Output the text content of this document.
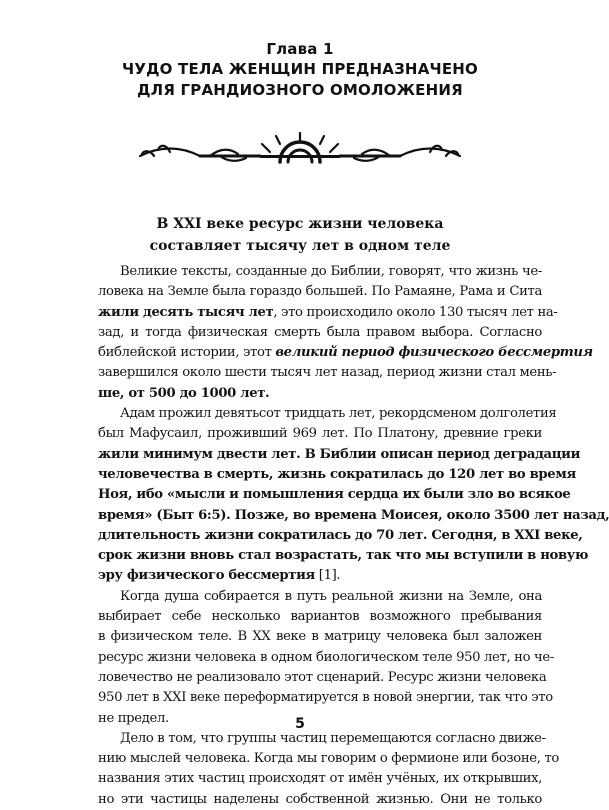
Глава 1
ЧУДО ТЕЛА ЖЕНЩИН ПРЕДНАЗНАЧЕНО
ДЛЯ ГРАНДИОЗНОГО ОМОЛОЖЕНИЯ
В XXI веке ресурс жизни человека
составляет тысячу лет в одном теле
Великие тексты, созданные до Библии, говорят, что жизнь че-
ловека на Земле была гораздо большей. По Рамаяне, Рама и Сита
жили десять тысяч лет, это происходило около 130 тысяч лет на-
зад, и тогда физическая смерть была правом выбора. Согласно
библейской истории, этот великий период физического бессмертия
завершился около шести тысяч лет назад, период жизни стал мень-
ше, от 500 до 1000 лет.
Адам прожил девятьсот тридцать лет, рекордсменом долголетия
был Мафусаил, проживший 969 лет. По Платону, древние греки
жили минимум двести лет. В Библии описан период деградации
человечества в смерть, жизнь сократилась до 120 лет во время
Ноя, ибо «мысли и помышления сердца их были зло во всякое
время» (Быт 6:5). Позже, во времена Моисея, около 3500 лет назад,
длительность жизни сократилась до 70 лет. Сегодня, в XXI веке,
срок жизни вновь стал возрастать, так что мы вступили в новую
эру физического бессмертия [1].
Когда душа собирается в путь реальной жизни на Земле, она
выбирает себе несколько вариантов возможного пребывания
в физическом теле. В XX веке в матрицу человека был заложен
ресурс жизни человека в одном биологическом теле 950 лет, но че-
ловечество не реализовало этот сценарий. Ресурс жизни человека
950 лет в XXI веке переформатируется в новой энергии, так что это
не предел.
Дело в том, что группы частиц перемещаются согласно движе-
нию мыслей человека. Когда мы говорим о фермионе или бозоне, то
названия этих частиц происходят от имён учёных, их открывших,
но эти частицы наделены собственной жизнью. Они не только
5
